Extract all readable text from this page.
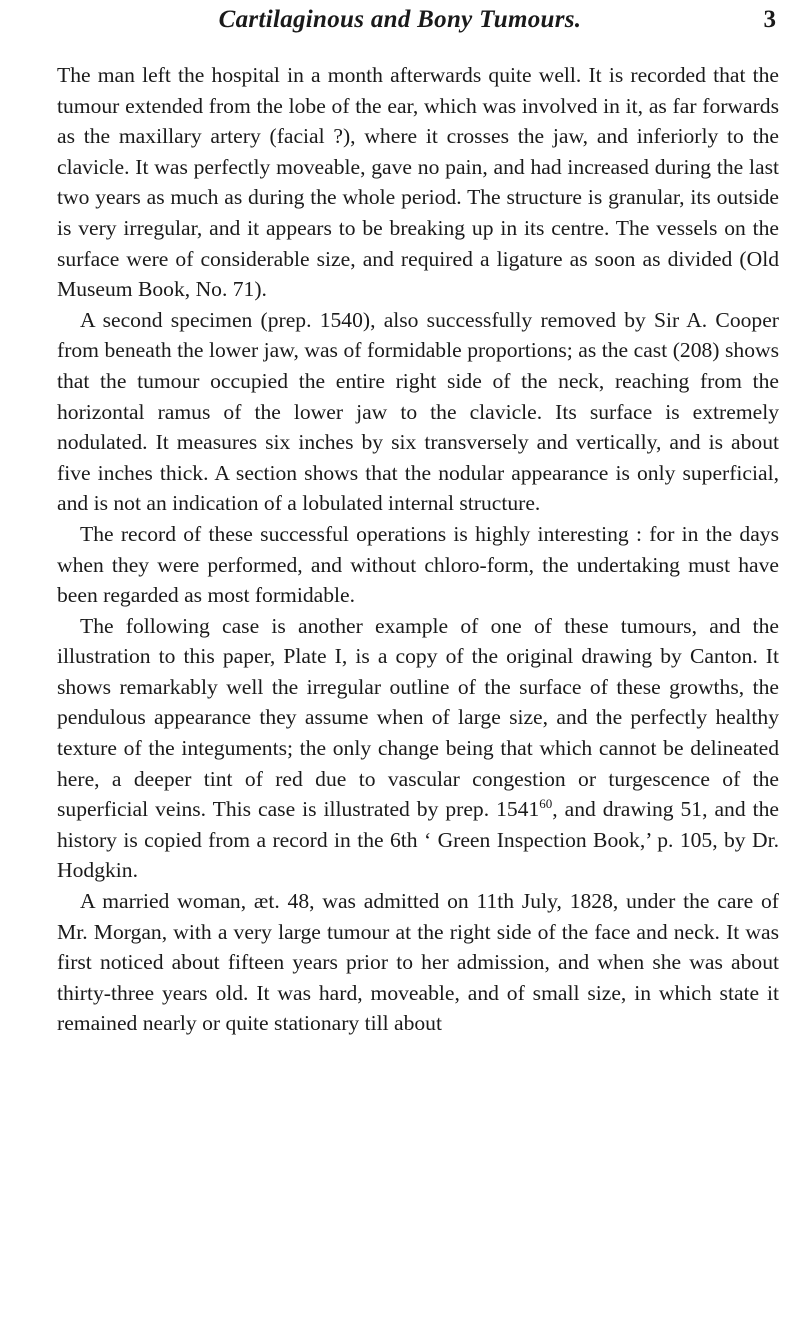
Cartilaginous and Bony Tumours.	3

The man left the hospital in a month afterwards quite well. It is recorded that the tumour extended from the lobe of the ear, which was involved in it, as far forwards as the maxillary artery (facial ?), where it crosses the jaw, and inferiorly to the clavicle. It was perfectly moveable, gave no pain, and had increased during the last two years as much as during the whole period. The structure is granular, its outside is very irregular, and it appears to be breaking up in its centre. The vessels on the surface were of considerable size, and required a ligature as soon as divided (Old Museum Book, No. 71).

A second specimen (prep. 1540), also successfully removed by Sir A. Cooper from beneath the lower jaw, was of formidable proportions; as the cast (208) shows that the tumour occupied the entire right side of the neck, reaching from the horizontal ramus of the lower jaw to the clavicle. Its surface is extremely nodulated. It measures six inches by six transversely and vertically, and is about five inches thick. A section shows that the nodular appearance is only superficial, and is not an indication of a lobulated internal structure.

The record of these successful operations is highly interesting : for in the days when they were performed, and without chloro-form, the undertaking must have been regarded as most formidable.

The following case is another example of one of these tumours, and the illustration to this paper, Plate I, is a copy of the original drawing by Canton. It shows remarkably well the irregular outline of the surface of these growths, the pendulous appearance they assume when of large size, and the perfectly healthy texture of the integuments; the only change being that which cannot be delineated here, a deeper tint of red due to vascular congestion or turgescence of the superficial veins. This case is illustrated by prep. 1541$^{60}$, and drawing 51, and the history is copied from a record in the 6th ‘ Green Inspection Book,’ p. 105, by Dr. Hodgkin.

A married woman, æt. 48, was admitted on 11th July, 1828, under the care of Mr. Morgan, with a very large tumour at the right side of the face and neck. It was first noticed about fifteen years prior to her admission, and when she was about thirty-three years old. It was hard, moveable, and of small size, in which state it remained nearly or quite stationary till about
